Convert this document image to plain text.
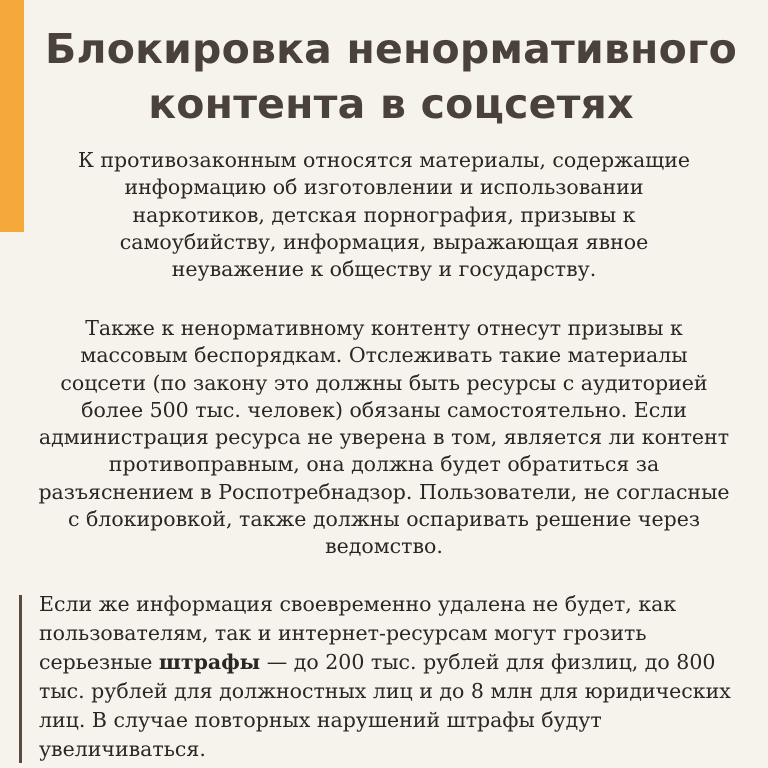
Блокировка ненормативного контента в соцсетях

К противозаконным относятся материалы, содержащие информацию об изготовлении и использовании наркотиков, детская порнография, призывы к самоубийству, информация, выражающая явное неуважение к обществу и государству.

Также к ненормативному контенту отнесут призывы к массовым беспорядкам. Отслеживать такие материалы соцсети (по закону это должны быть ресурсы с аудиторией более 500 тыс. человек) обязаны самостоятельно. Если администрация ресурса не уверена в том, является ли контент противоправным, она должна будет обратиться за разъяснением в Роспотребнадзор. Пользователи, не согласные с блокировкой, также должны оспаривать решение через ведомство.

Если же информация своевременно удалена не будет, как пользователям, так и интернет-ресурсам могут грозить серьезные штрафы — до 200 тыс. рублей для физлиц, до 800 тыс. рублей для должностных лиц и до 8 млн для юридических лиц. В случае повторных нарушений штрафы будут увеличиваться.
